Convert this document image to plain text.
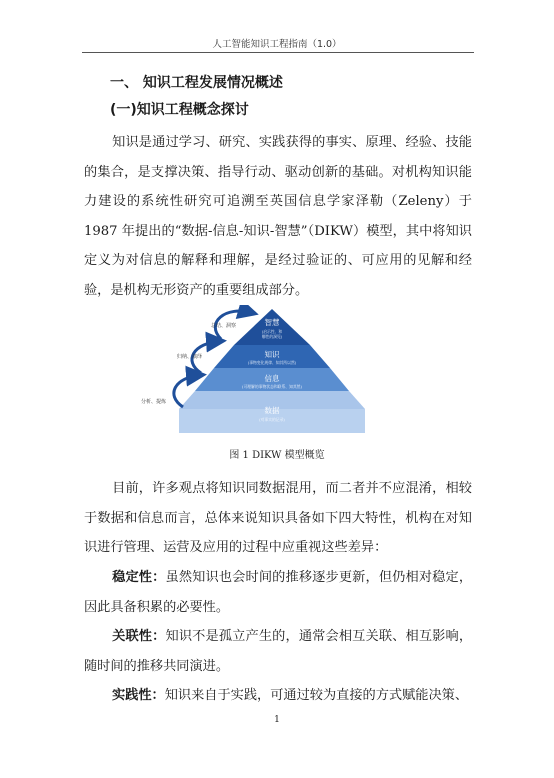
人工智能知识工程指南（1.0）
一、 知识工程发展情况概述
(一)知识工程概念探讨

知识是通过学习、研究、实践获得的事实、原理、经验、技能的集合，是支撑决策、指导行动、驱动创新的基础。对机构知识能力建设的系统性研究可追溯至英国信息学家泽勒（Zeleny）于 1987 年提出的“数据-信息-知识-智慧”（DIKW）模型，其中将知识定义为对信息的解释和理解，是经过验证的、可应用的见解和经验，是机构无形资产的重要组成部分。

智慧
(启示性、和
哪性的洞见)
知识
(事物变化规律、知其所以然)
信息
(可理解的事物状态和联系、知其然)
数据
(对事实的记录)
总结、洞察
归纳、演绎
分析、提炼
图 1 DIKW 模型概览

目前，许多观点将知识同数据混用，而二者并不应混淆，相较于数据和信息而言，总体来说知识具备如下四大特性，机构在对知识进行管理、运营及应用的过程中应重视这些差异：

稳定性：虽然知识也会时间的推移逐步更新，但仍相对稳定，因此具备积累的必要性。

关联性：知识不是孤立产生的，通常会相互关联、相互影响，随时间的推移共同演进。

实践性：知识来自于实践，可通过较为直接的方式赋能决策、

1
